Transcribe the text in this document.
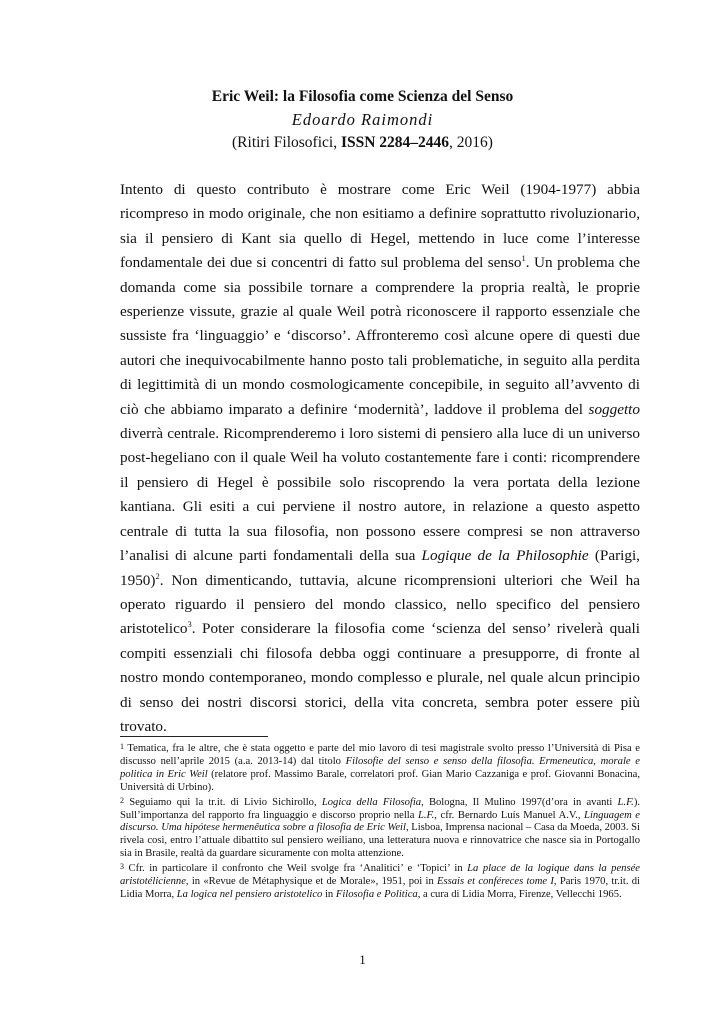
Eric Weil: la Filosofia come Scienza del Senso
Edoardo Raimondi
(Ritiri Filosofici, ISSN 2284–2446, 2016)
Intento di questo contributo è mostrare come Eric Weil (1904-1977) abbia ricompreso in modo originale, che non esitiamo a definire soprattutto rivoluzionario, sia il pensiero di Kant sia quello di Hegel, mettendo in luce come l’interesse fondamentale dei due si concentri di fatto sul problema del senso$^1$. Un problema che domanda come sia possibile tornare a comprendere la propria realtà, le proprie esperienze vissute, grazie al quale Weil potrà riconoscere il rapporto essenziale che sussiste fra ‘linguaggio’ e ‘discorso’. Affronteremo così alcune opere di questi due autori che inequivocabilmente hanno posto tali problematiche, in seguito alla perdita di legittimità di un mondo cosmologicamente concepibile, in seguito all’avvento di ciò che abbiamo imparato a definire ‘modernità’, laddove il problema del soggetto diverrà centrale. Ricomprenderemo i loro sistemi di pensiero alla luce di un universo post-hegeliano con il quale Weil ha voluto costantemente fare i conti: ricomprendere il pensiero di Hegel è possibile solo riscoprendo la vera portata della lezione kantiana. Gli esiti a cui perviene il nostro autore, in relazione a questo aspetto centrale di tutta la sua filosofia, non possono essere compresi se non attraverso l’analisi di alcune parti fondamentali della sua Logique de la Philosophie (Parigi, 1950)$^2$. Non dimenticando, tuttavia, alcune ricomprensioni ulteriori che Weil ha operato riguardo il pensiero del mondo classico, nello specifico del pensiero aristotelico$^3$. Poter considerare la filosofia come ‘scienza del senso’ rivelerà quali compiti essenziali chi filosofa debba oggi continuare a presupporre, di fronte al nostro mondo contemporaneo, mondo complesso e plurale, nel quale alcun principio di senso dei nostri discorsi storici, della vita concreta, sembra poter essere più trovato.

1 Tematica, fra le altre, che è stata oggetto e parte del mio lavoro di tesi magistrale svolto presso l’Università di Pisa e discusso nell’aprile 2015 (a.a. 2013-14) dal titolo Filosofie del senso e senso della filosofia. Ermeneutica, morale e politica in Eric Weil (relatore prof. Massimo Barale, correlatori prof. Gian Mario Cazzaniga e prof. Giovanni Bonacina, Università di Urbino).

2 Seguiamo qui la tr.it. di Livio Sichirollo, Logica della Filosofia, Bologna, Il Mulino 1997(d’ora in avanti L.F.). Sull’importanza del rapporto fra linguaggio e discorso proprio nella L.F., cfr. Bernardo Luís Manuel A.V., Linguagem e discurso. Uma hipótese hermenêutica sobre a filosofia de Eric Weil, Lisboa, Imprensa nacional – Casa da Moeda, 2003. Si rivela così, entro l’attuale dibattito sul pensiero weiliano, una letteratura nuova e rinnovatrice che nasce sia in Portogallo sia in Brasile, realtà da guardare sicuramente con molta attenzione.

3 Cfr. in particolare il confronto che Weil svolge fra ‘Analitici’ e ‘Topici’ in La place de la logique dans la pensée aristotélicienne, in «Revue de Métaphysique et de Morale», 1951, poi in Essais et conféreces tome I, Paris 1970, tr.it. di Lidia Morra, La logica nel pensiero aristotelico in Filosofia e Politica, a cura di Lidia Morra, Firenze, Vellecchi 1965.

1
